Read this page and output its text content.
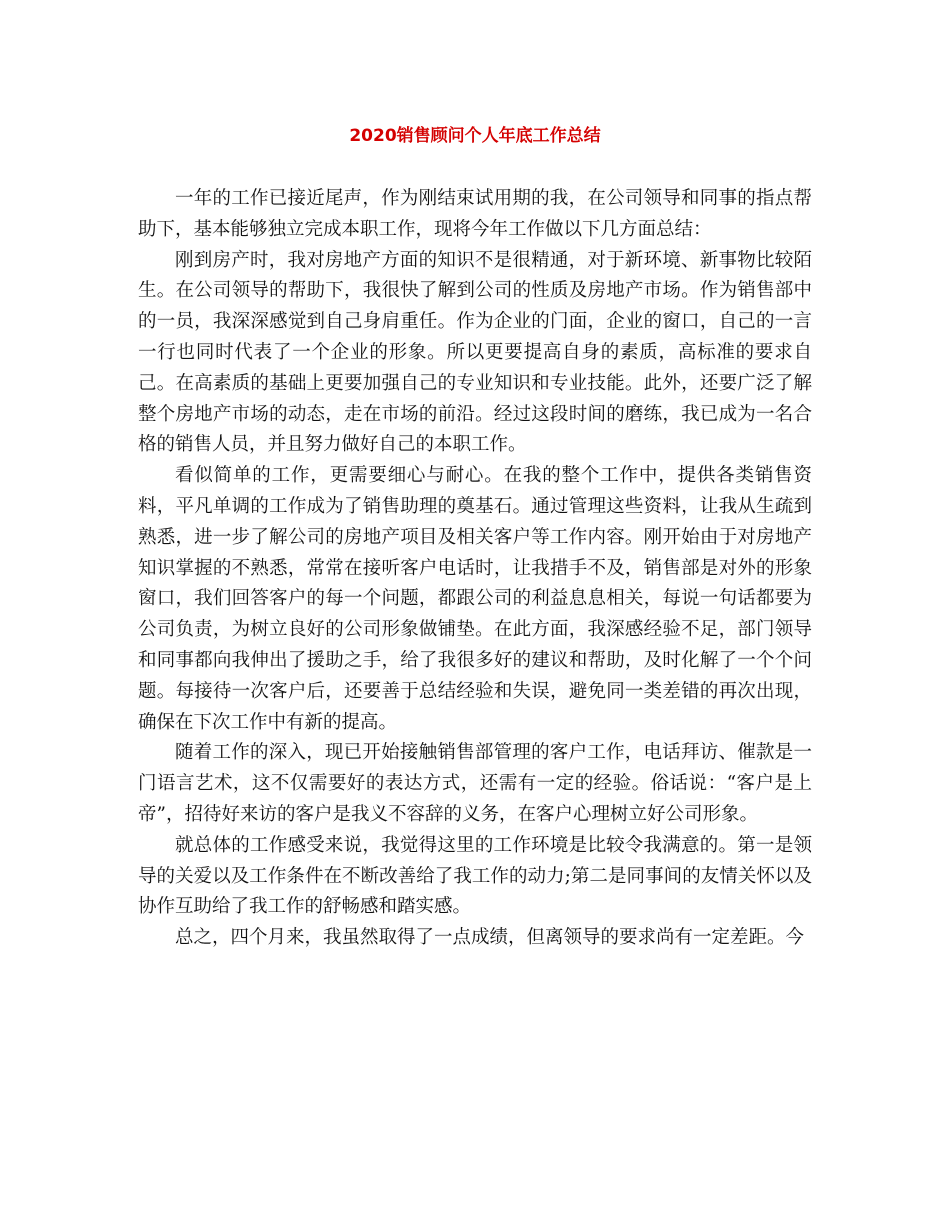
2020销售顾问个人年底工作总结

一年的工作已接近尾声，作为刚结束试用期的我，在公司领导和同事的指点帮助下，基本能够独立完成本职工作，现将今年工作做以下几方面总结：

刚到房产时，我对房地产方面的知识不是很精通，对于新环境、新事物比较陌生。在公司领导的帮助下，我很快了解到公司的性质及房地产市场。作为销售部中的一员，我深深感觉到自己身肩重任。作为企业的门面，企业的窗口，自己的一言一行也同时代表了一个企业的形象。所以更要提高自身的素质，高标准的要求自己。在高素质的基础上更要加强自己的专业知识和专业技能。此外，还要广泛了解整个房地产市场的动态，走在市场的前沿。经过这段时间的磨练，我已成为一名合格的销售人员，并且努力做好自己的本职工作。

看似简单的工作，更需要细心与耐心。在我的整个工作中，提供各类销售资料，平凡单调的工作成为了销售助理的奠基石。通过管理这些资料，让我从生疏到熟悉，进一步了解公司的房地产项目及相关客户等工作内容。刚开始由于对房地产知识掌握的不熟悉，常常在接听客户电话时，让我措手不及，销售部是对外的形象窗口，我们回答客户的每一个问题，都跟公司的利益息息相关，每说一句话都要为公司负责，为树立良好的公司形象做铺垫。在此方面，我深感经验不足，部门领导和同事都向我伸出了援助之手，给了我很多好的建议和帮助，及时化解了一个个问题。每接待一次客户后，还要善于总结经验和失误，避免同一类差错的再次出现，确保在下次工作中有新的提高。

随着工作的深入，现已开始接触销售部管理的客户工作，电话拜访、催款是一门语言艺术，这不仅需要好的表达方式，还需有一定的经验。俗话说：“客户是上帝”，招待好来访的客户是我义不容辞的义务，在客户心理树立好公司形象。

就总体的工作感受来说，我觉得这里的工作环境是比较令我满意的。第一是领导的关爱以及工作条件在不断改善给了我工作的动力;第二是同事间的友情关怀以及协作互助给了我工作的舒畅感和踏实感。

总之，四个月来，我虽然取得了一点成绩，但离领导的要求尚有一定差距。今
